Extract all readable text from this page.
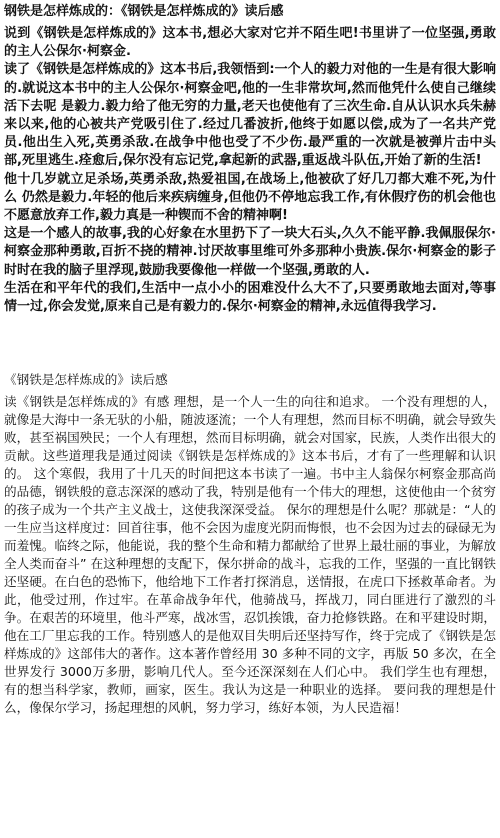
钢铁是怎样炼成的：《钢铁是怎样炼成的》读后感

说到《钢铁是怎样炼成的》这本书,想必大家对它并不陌生吧!书里讲了一位坚强,勇敢的主人公保尔·柯察金.

读了《钢铁是怎样炼成的》这本书后,我领悟到:一个人的毅力对他的一生是有很大影响的.就说这本书中的主人公保尔·柯察金吧,他的一生非常坎坷,然而他凭什么使自己继续活下去呢 是毅力.毅力给了他无穷的力量,老天也使他有了三次生命.自从认识水兵朱赫来以来,他的心被共产党吸引住了.经过几番波折,他终于如愿以偿,成为了一名共产党员.他出生入死,英勇杀敌.在战争中他也受了不少伤.最严重的一次就是被弹片击中头部,死里逃生.痊愈后,保尔没有忘记党,拿起新的武器,重返战斗队伍,开始了新的生活!

他十几岁就立足杀场,英勇杀敌,热爱祖国,在战场上,他被砍了好几刀都大难不死,为什么 仍然是毅力.年轻的他后来疾病缠身,但他仍不停地忘我工作,有休假疗伤的机会他也不愿意放弃工作,毅力真是一种锲而不舍的精神啊!

这是一个感人的故事,我的心好象在水里扔下了一块大石头,久久不能平静.我佩服保尔·柯察金那种勇敢,百折不挠的精神.讨厌故事里维可外多那种小贵族.保尔·柯察金的影子时时在我的脑子里浮现,鼓励我要像他一样做一个坚强,勇敢的人.

生活在和平年代的我们,生活中一点小小的困难没什么大不了,只要勇敢地去面对,等事情一过,你会发觉,原来自己是有毅力的.保尔·柯察金的精神,永远值得我学习.

《钢铁是怎样炼成的》读后感

读《钢铁是怎样炼成的》有感 理想，是一个人一生的向往和追求。 一个没有理想的人，就像是大海中一条无驮的小船，随波逐流；一个人有理想，然而目标不明确，就会导致失败，甚至祸国殃民；一个人有理想，然而目标明确，就会对国家，民族，人类作出很大的贡献。这些道理我是通过阅读《钢铁是怎样炼成的》这本书后，才有了一些理解和认识的。 这个寒假，我用了十几天的时间把这本书读了一遍。书中主人翁保尔柯察金那高尚的品德，钢铁般的意志深深的感动了我，特别是他有一个伟大的理想，这使他由一个贫穷的孩子成为一个共产主义战士，这使我深深受益。 保尔的理想是什么呢？那就是：“人的一生应当这样度过：回首往事，他不会因为虚度光阴而悔恨，也不会因为过去的碌碌无为而羞愧。临终之际，他能说，我的整个生命和精力都献给了世界上最壮丽的事业，为解放全人类而奋斗” 在这种理想的支配下，保尔拼命的战斗，忘我的工作，坚强的一直比钢铁还坚硬。在白色的恐怖下，他给地下工作者打探消息，送情报，在虎口下拯救革命者。为此，他受过刑，作过牢。在革命战争年代，他骑战马，挥战刀，同白匪进行了激烈的斗争。在艰苦的环境里，他斗严寒，战冰雪，忍饥挨饿，奋力抢修铁路。在和平建设时期，他在工厂里忘我的工作。特别感人的是他双目失明后还坚持写作，终于完成了《钢铁是怎样炼成的》这部伟大的著作。这本著作曾经用 30 多种不同的文字，再版 50 多次，在全世界发行 3000万多册，影响几代人。至今还深深刻在人们心中。 我们学生也有理想，有的想当科学家，教师，画家，医生。我认为这是一种职业的选择。 要问我的理想是什么，像保尔学习，扬起理想的风帆，努力学习，练好本领，为人民造福！
